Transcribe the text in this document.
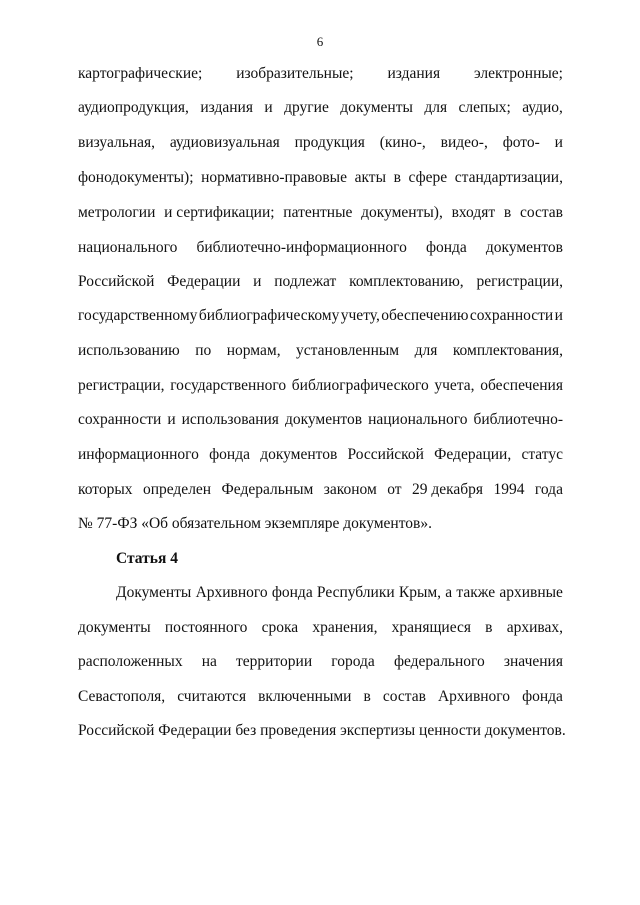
6
картографические; изобразительные; издания электронные;
аудиопродукция, издания и другие документы для слепых; аудио,
визуальная, аудиовизуальная продукция (кино-, видео-, фото- и
фонодокументы); нормативно-правовые акты в сфере стандартизации,
метрологии и сертификации; патентные документы), входят в состав
национального библиотечно-информационного фонда документов
Российской Федерации и подлежат комплектованию, регистрации,
государственному библиографическому учету, обеспечению сохранности и
использованию по нормам, установленным для комплектования,
регистрации, государственного библиографического учета, обеспечения
сохранности и использования документов национального библиотечно-
информационного фонда документов Российской Федерации, статус
которых определен Федеральным законом от 29 декабря 1994 года
№ 77-ФЗ «Об обязательном экземпляре документов».
Статья 4
Документы Архивного фонда Республики Крым, а также архивные
документы постоянного срока хранения, хранящиеся в архивах,
расположенных на территории города федерального значения
Севастополя, считаются включенными в состав Архивного фонда
Российской Федерации без проведения экспертизы ценности документов.
